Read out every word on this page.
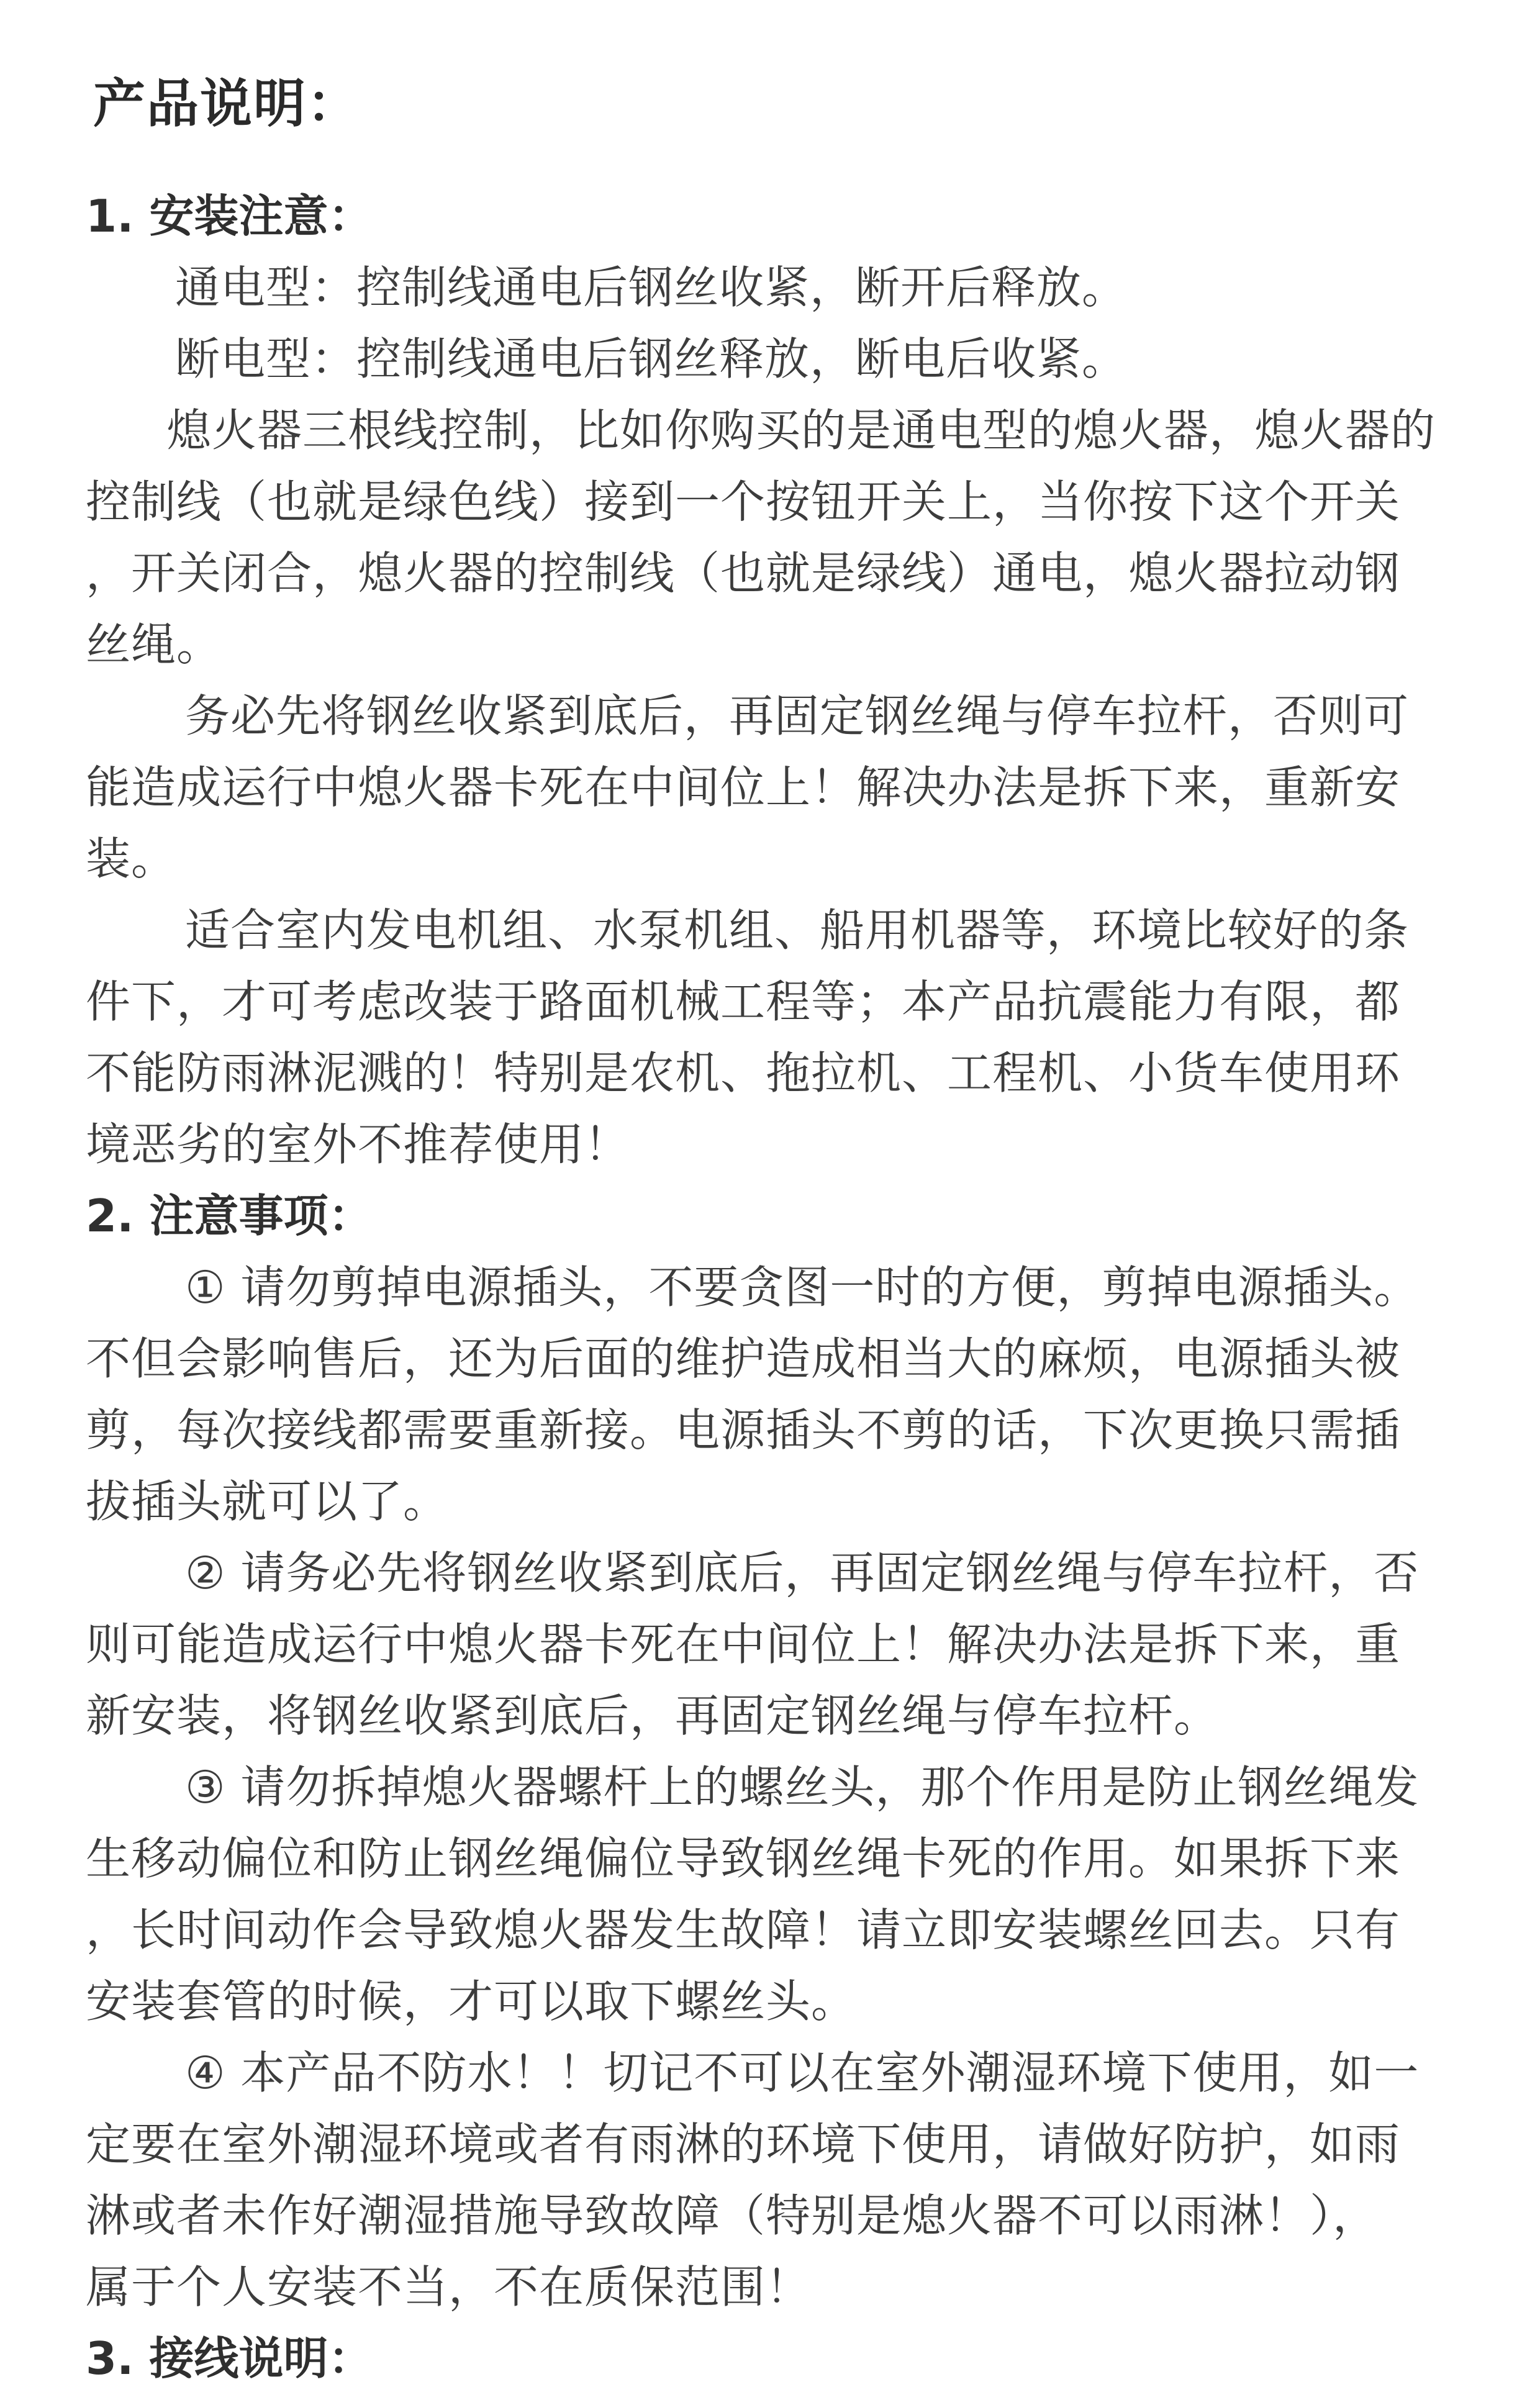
产品说明：
1. 安装注意：
通电型：控制线通电后钢丝收紧，断开后释放。
断电型：控制线通电后钢丝释放，断电后收紧。
熄火器三根线控制，比如你购买的是通电型的熄火器，熄火器的
控制线（也就是绿色线）接到一个按钮开关上，当你按下这个开关
，开关闭合，熄火器的控制线（也就是绿线）通电，熄火器拉动钢
丝绳。
务必先将钢丝收紧到底后，再固定钢丝绳与停车拉杆，否则可
能造成运行中熄火器卡死在中间位上！解决办法是拆下来，重新安
装。
适合室内发电机组、水泵机组、船用机器等，环境比较好的条
件下，才可考虑改装于路面机械工程等；本产品抗震能力有限，都
不能防雨淋泥溅的！特别是农机、拖拉机、工程机、小货车使用环
境恶劣的室外不推荐使用！
2. 注意事项：
① 请勿剪掉电源插头，不要贪图一时的方便，剪掉电源插头。
不但会影响售后，还为后面的维护造成相当大的麻烦，电源插头被
剪，每次接线都需要重新接。电源插头不剪的话，下次更换只需插
拔插头就可以了。
② 请务必先将钢丝收紧到底后，再固定钢丝绳与停车拉杆，否
则可能造成运行中熄火器卡死在中间位上！解决办法是拆下来，重
新安装，将钢丝收紧到底后，再固定钢丝绳与停车拉杆。
③ 请勿拆掉熄火器螺杆上的螺丝头，那个作用是防止钢丝绳发
生移动偏位和防止钢丝绳偏位导致钢丝绳卡死的作用。如果拆下来
，长时间动作会导致熄火器发生故障！请立即安装螺丝回去。只有
安装套管的时候，才可以取下螺丝头。
④ 本产品不防水！！切记不可以在室外潮湿环境下使用，如一
定要在室外潮湿环境或者有雨淋的环境下使用，请做好防护，如雨
淋或者未作好潮湿措施导致故障（特别是熄火器不可以雨淋！），
属于个人安装不当，不在质保范围！
3. 接线说明：
